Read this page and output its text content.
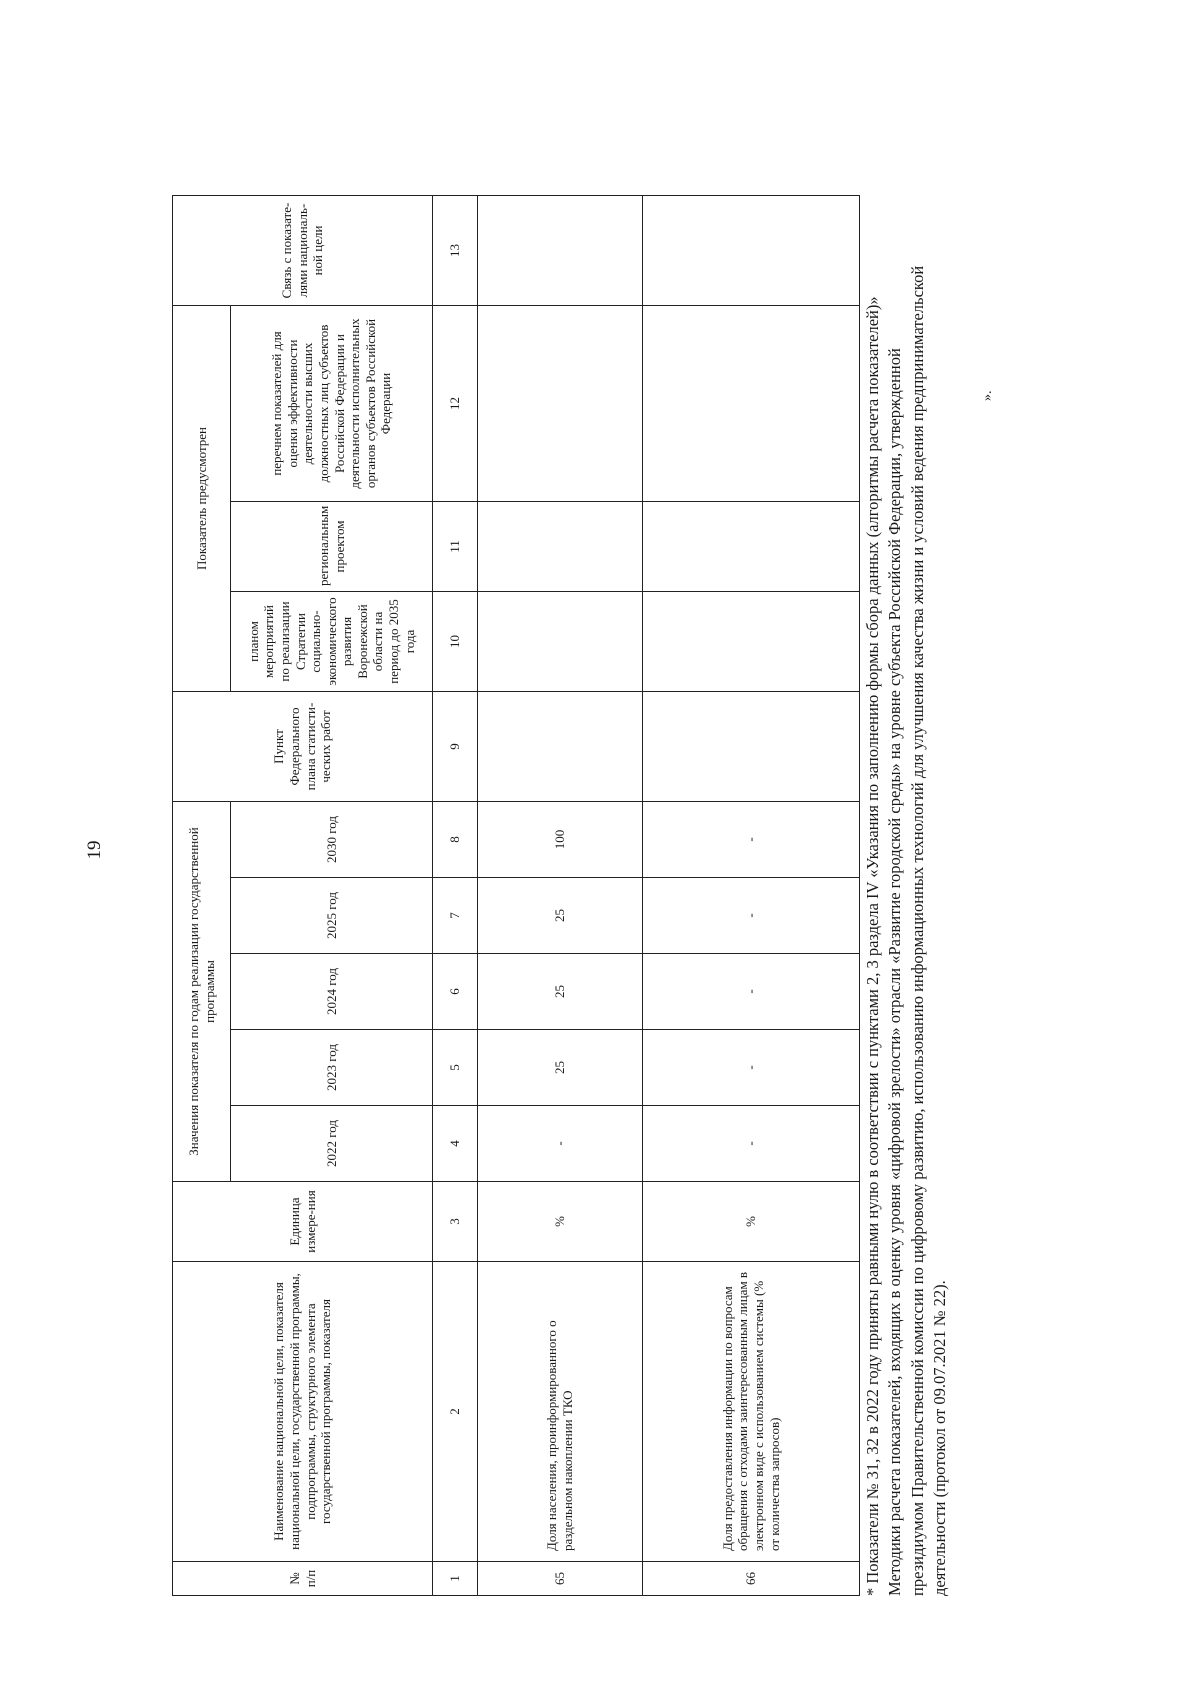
19
№ п/п	Наименование национальной цели, показателя национальной цели, государственной программы, подпрограммы, структурного элемента государственной программы, показателя	Единица измере-ния	Значения показателя по годам реализации государственной программы					Пункт Федерального плана статисти-ческих работ	Показатель предусмотрен			Связь с показате-лями националь-ной цели
			2022 год	2023 год	2024 год	2025 год	2030 год		планом мероприятий по реализации Стратегии социально-экономического развития Воронежской области на период до 2035 года	региональным проектом	перечнем показателей для оценки эффективности деятельности высших должностных лиц субъектов Российской Федерации и деятельности исполнительных органов субъектов Российской Федерации	
1	2	3	4	5	6	7	8	9	10	11	12	13
65	Доля населения, проинформированного о раздельном накоплении ТКО	%	-	25	25	25	100					
66	Доля предоставления информации по вопросам обращения с отходами заинтересованным лицам в электронном виде с использованием системы (% от количества запросов)	%	-	-	-	-	-						* Показатели № 31, 32 в 2022 году приняты равными нулю в соответствии с пунктами 2, 3 раздела IV «Указания по заполнению формы сбора данных (алгоритмы расчета показателей)» Методики расчета показателей, входящих в оценку уровня «цифровой зрелости» отрасли «Развитие городской среды» на уровне субъекта Российской Федерации, утвержденной президиумом Правительственной комиссии по цифровому развитию, использованию информационных технологий для улучшения качества жизни и условий ведения предпринимательской деятельности (протокол от 09.07.2021 № 22).
».
